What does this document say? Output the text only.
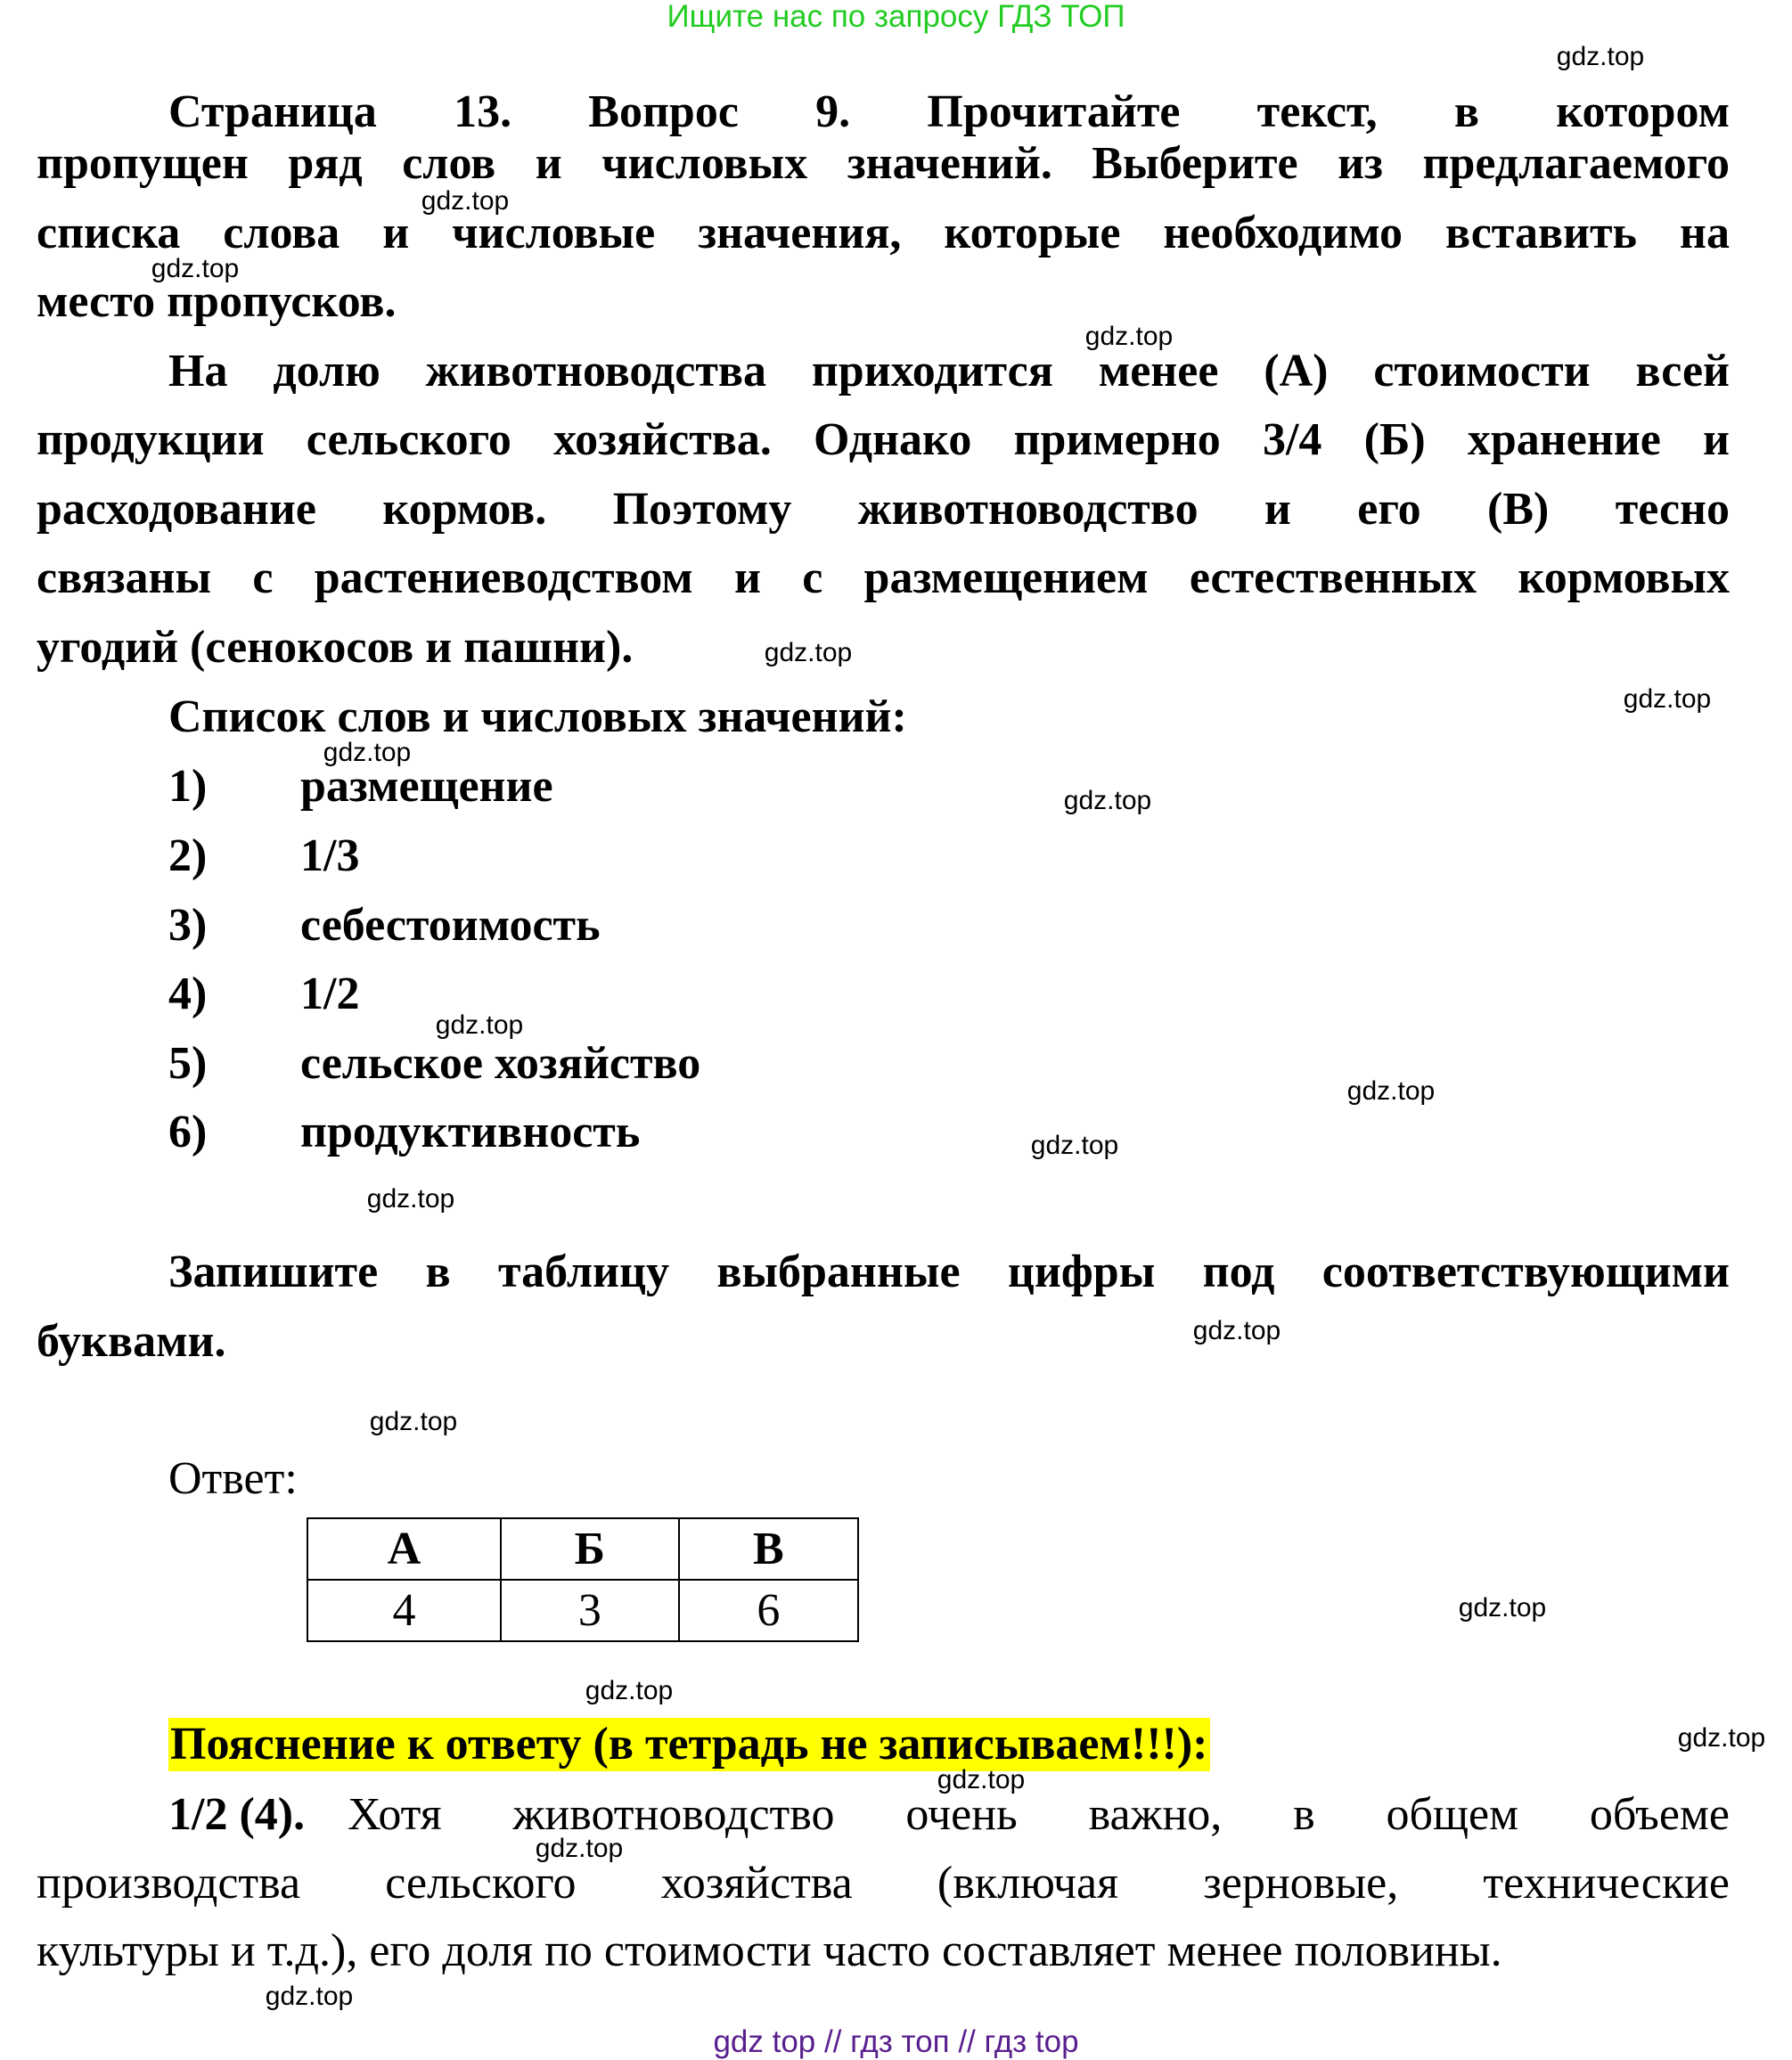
Ищите нас по запросу ГДЗ ТОП
Страница 13. Вопрос 9. Прочитайте текст, в котором
пропущен ряд слов и числовых значений. Выберите из предлагаемого
списка слова и числовые значения, которые необходимо вставить на
место пропусков.
На долю животноводства приходится менее (А) стоимости всей
продукции сельского хозяйства. Однако примерно 3/4 (Б) хранение и
расходование кормов. Поэтому животноводство и его (В) тесно
связаны с растениеводством и с размещением естественных кормовых
угодий (сенокосов и пашни).
Список слов и числовых значений:
1) размещение
2) 1/3
3) себестоимость
4) 1/2
5) сельское хозяйство
6) продуктивность
Запишите в таблицу выбранные цифры под соответствующими
буквами.
Ответ:
А	Б	В
4	3	6
Пояснение к ответу (в тетрадь не записываем!!!):
1/2 (4). Хотя животноводство очень важно, в общем объеме
производства сельского хозяйства (включая зерновые, технические
культуры и т.д.), его доля по стоимости часто составляет менее половины.
gdz.top
gdz.top
gdz.top
gdz.top
gdz.top
gdz.top
gdz.top
gdz.top
gdz.top
gdz.top
gdz.top
gdz.top
gdz.top
gdz.top
gdz.top
gdz.top
gdz.top
gdz.top
gdz.top
gdz.top
gdz top // гдз топ // гдз top
